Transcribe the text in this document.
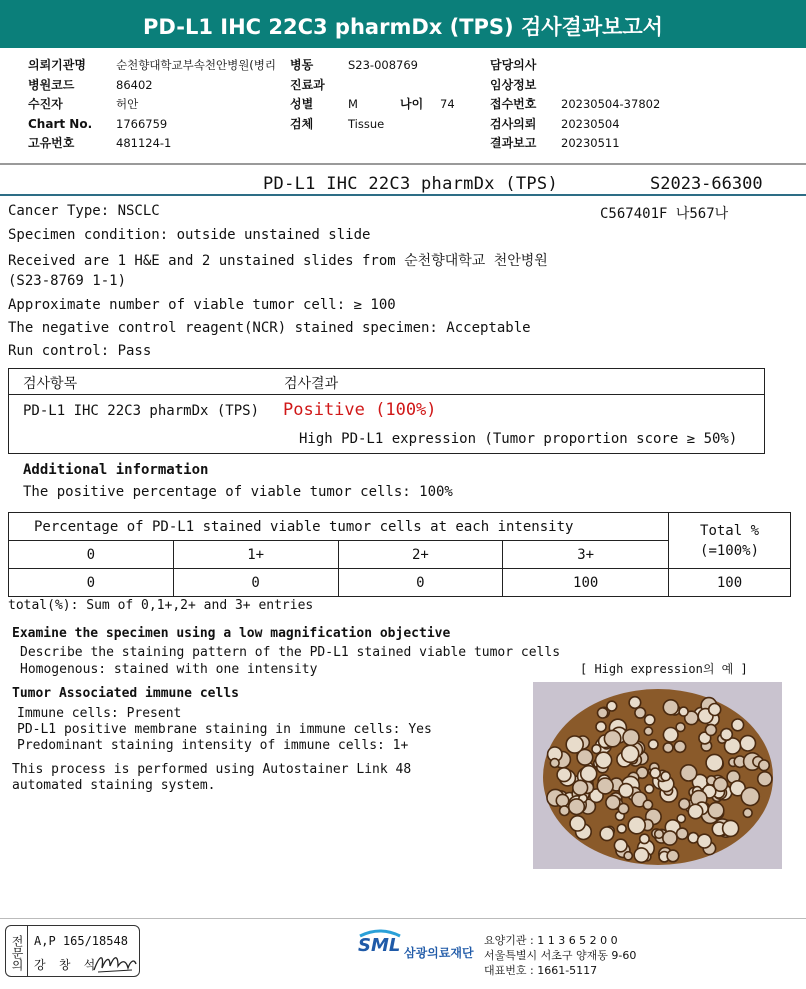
PD-L1 IHC 22C3 pharmDx (TPS) 검사결과보고서
의뢰기관명	순천향대학교부속천안병원(병리
병원코드	86402
수진자	허안
Chart No. 1766759
고유번호	481124-1
병동	S23-008769
진료과
성별	M	나이 74
검체	Tissue
담당의사
임상정보
접수번호 20230504-37802
검사의뢰 20230504
결과보고 20230511
PD-L1 IHC 22C3 pharmDx (TPS)	S2023-66300
Cancer Type: NSCLC	C567401F 나567나
Specimen condition: outside unstained slide
Received are 1 H&E and 2 unstained slides from 순천향대학교 천안병원
(S23-8769 1-1)
Approximate number of viable tumor cell: ≥ 100
The negative control reagent(NCR) stained specimen: Acceptable
Run control: Pass
검사항목	검사결과
PD-L1 IHC 22C3 pharmDx (TPS) Positive (100%)
High PD-L1 expression (Tumor proportion score ≥ 50%)
Additional information
The positive percentage of viable tumor cells: 100%
Percentage of PD-L1 stained viable tumor cells at each intensity				Total %
(=100%)

0	1+	2+	3+	
0	0	0	100	100
total(%): Sum of 0,1+,2+ and 3+ entries
Examine the specimen using a low magnification objective
Describe the staining pattern of the PD-L1 stained viable tumor cells
Homogenous: stained with one intensity	[ High expression의 예 ]
Tumor Associated immune cells
Immune cells: Present
PD-L1 positive membrane staining in immune cells: Yes
Predominant staining intensity of immune cells: 1+
This process is performed using Autostainer Link 48
automated staining system.
전문의 A,P 165/18548
강 창 석
SML 삼광의료재단
요양기관 : 1 1 3 6 5 2 0 0
서울특별시 서초구 양재동 9-60
대표번호 : 1661-5117
